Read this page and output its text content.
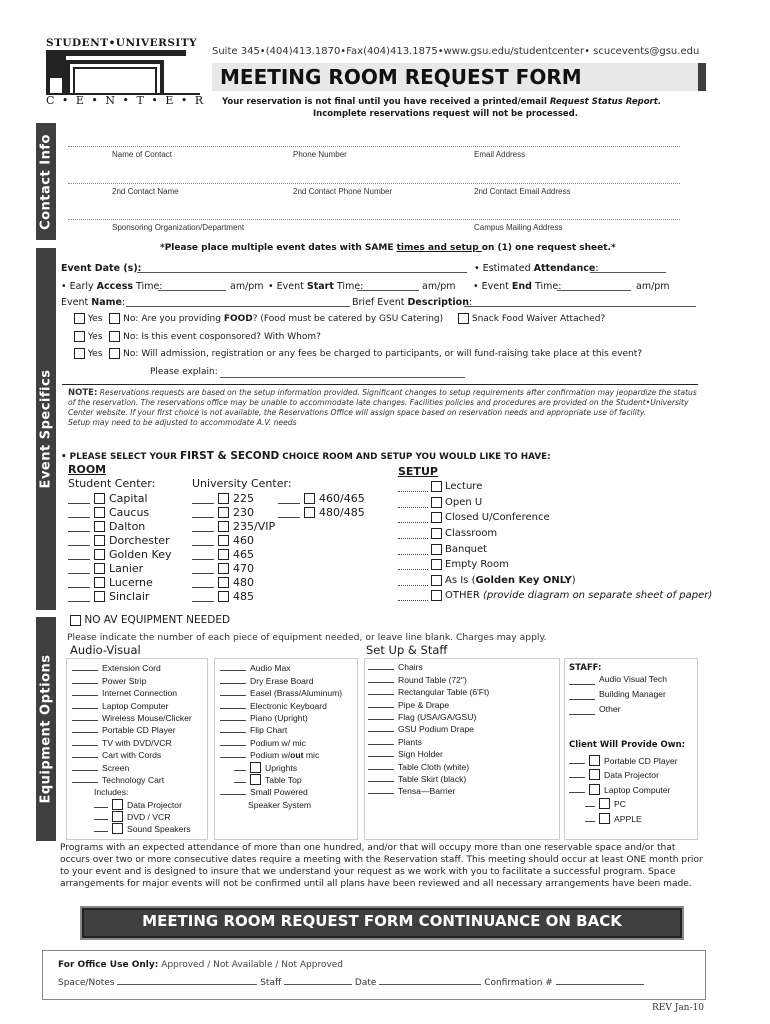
STUDENT•UNIVERSITY
C • E • N • T • E • R
Suite 345•(404)413.1870•Fax(404)413.1875•www.gsu.edu/studentcenter• scucevents@gsu.edu
MEETING ROOM REQUEST FORM
Your reservation is not final until you have received a printed/email Request Status Report.
Incomplete reservations request will not be processed.
Contact Info
Event Specifics
Equipment Options
Name of Contact	Phone Number	Email Address
2nd Contact Name	2nd Contact Phone Number	2nd Contact Email Address
Sponsoring Organization/Department	Campus Mailing Address
*Please place multiple event dates with SAME times and setup on (1) one request sheet.*
Event Date (s):	• Estimated Attendance:
• Early Access Time:	am/pm • Event Start Time:	am/pm • Event End Time:	am/pm
Event Name:	Brief Event Description:
Yes No: Are you providing FOOD? (Food must be catered by GSU Catering)	Snack Food Waiver Attached?
Yes No: Is this event cosponsored? With Whom?
Yes No: Will admission, registration or any fees be charged to participants, or will fund-raising take place at this event?
Please explain:
NOTE: Reservations requests are based on the setup information provided. Significant changes to setup requirements after confirmation may jeopardize the status of the reservation. The reservations office may be unable to accommodate late changes. Facilities policies and procedures are provided on the Student•University Center website. If your first choice is not available, the Reservations Office will assign space based on reservation needs and appropriate use of facility.
Setup may need to be adjusted to accommodate A.V. needs
• PLEASE SELECT YOUR FIRST & SECOND CHOICE ROOM AND SETUP YOU WOULD LIKE TO HAVE:
ROOM	SETUP
Student Center:	University Center:
Capital
Caucus
Dalton
Dorchester
Golden Key
Lanier
Lucerne
Sinclair
225
230
235/VIP
460
465
470
480
485
460/465
480/485
Lecture
Open U
Closed U/Conference
Classroom
Banquet
Empty Room
As Is (Golden Key ONLY)
OTHER (provide diagram on separate sheet of paper)
NO AV EQUIPMENT NEEDED
Please indicate the number of each piece of equipment needed, or leave line blank. Charges may apply.
Audio-Visual	Set Up & Staff
Extension Cord
Power Strip
Internet Connection
Laptop Computer
Wireless Mouse/Clicker
Portable CD Player
TV with DVD/VCR
Cart with Cords
Screen
Technology Cart
Includes:
Data Projector
DVD / VCR
Sound Speakers
Audio Max
Dry Erase Board
Easel (Brass/Aluminum)
Electronic Keyboard
Piano (Upright)
Flip Chart
Podium w/ mic
Podium w/out mic
Uprights
Table Top
Small Powered
Speaker System
Chairs
Round Table (72")
Rectangular Table (6'Ft)
Pipe & Drape
Flag (USA/GA/GSU)
GSU Podium Drape
Plants
Sign Holder
Table Cloth (white)
Table Skirt (black)
Tensa—Barrier
STAFF:
Audio Visual Tech
Building Manager
Other
Client Will Provide Own:
Portable CD Player
Data Projector
Laptop Computer
PC
APPLE
Programs with an expected attendance of more than one hundred, and/or that will occupy more than one reservable space and/or that occurs over two or more consecutive dates require a meeting with the Reservation staff. This meeting should occur at least ONE month prior to your event and is designed to insure that we understand your request as we work with you to facilitate a successful program. Space arrangements for major events will not be confirmed until all plans have been reviewed and all necessary arrangements have been made.
MEETING ROOM REQUEST FORM CONTINUANCE ON BACK
For Office Use Only: Approved / Not Available / Not Approved
Space/Notes	Staff	Date	Confirmation #
REV Jan-10
